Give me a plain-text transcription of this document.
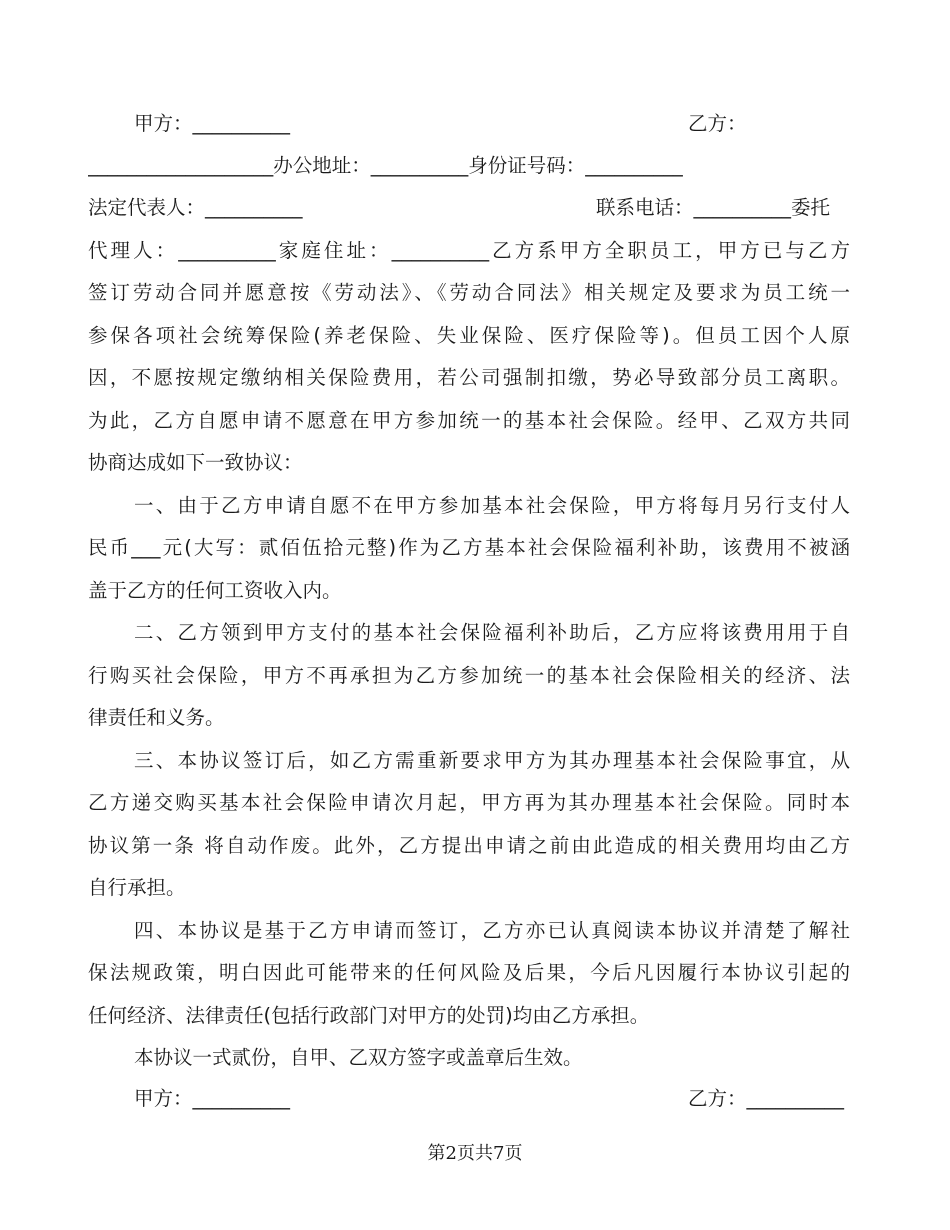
甲方：__________	乙方：
___________________办公地址：__________身份证号码：__________
法定代表人：__________	联系电话：__________委托
代理人：__________家庭住址：__________乙方系甲方全职员工，甲方已与乙方
签订劳动合同并愿意按《劳动法》、《劳动合同法》相关规定及要求为员工统一
参保各项社会统筹保险(养老保险、失业保险、医疗保险等)。但员工因个人原
因，不愿按规定缴纳相关保险费用，若公司强制扣缴，势必导致部分员工离职。
为此，乙方自愿申请不愿意在甲方参加统一的基本社会保险。经甲、乙双方共同
协商达成如下一致协议：
一、由于乙方申请自愿不在甲方参加基本社会保险，甲方将每月另行支付人
民币___元(大写：贰佰伍拾元整)作为乙方基本社会保险福利补助，该费用不被涵
盖于乙方的任何工资收入内。
二、乙方领到甲方支付的基本社会保险福利补助后，乙方应将该费用用于自
行购买社会保险，甲方不再承担为乙方参加统一的基本社会保险相关的经济、法
律责任和义务。
三、本协议签订后，如乙方需重新要求甲方为其办理基本社会保险事宜，从
乙方递交购买基本社会保险申请次月起，甲方再为其办理基本社会保险。同时本
协议第一条 将自动作废。此外，乙方提出申请之前由此造成的相关费用均由乙方
自行承担。
四、本协议是基于乙方申请而签订，乙方亦已认真阅读本协议并清楚了解社
保法规政策，明白因此可能带来的任何风险及后果，今后凡因履行本协议引起的
任何经济、法律责任(包括行政部门对甲方的处罚)均由乙方承担。
本协议一式贰份，自甲、乙双方签字或盖章后生效。
甲方：__________	乙方：__________
第2页共7页
